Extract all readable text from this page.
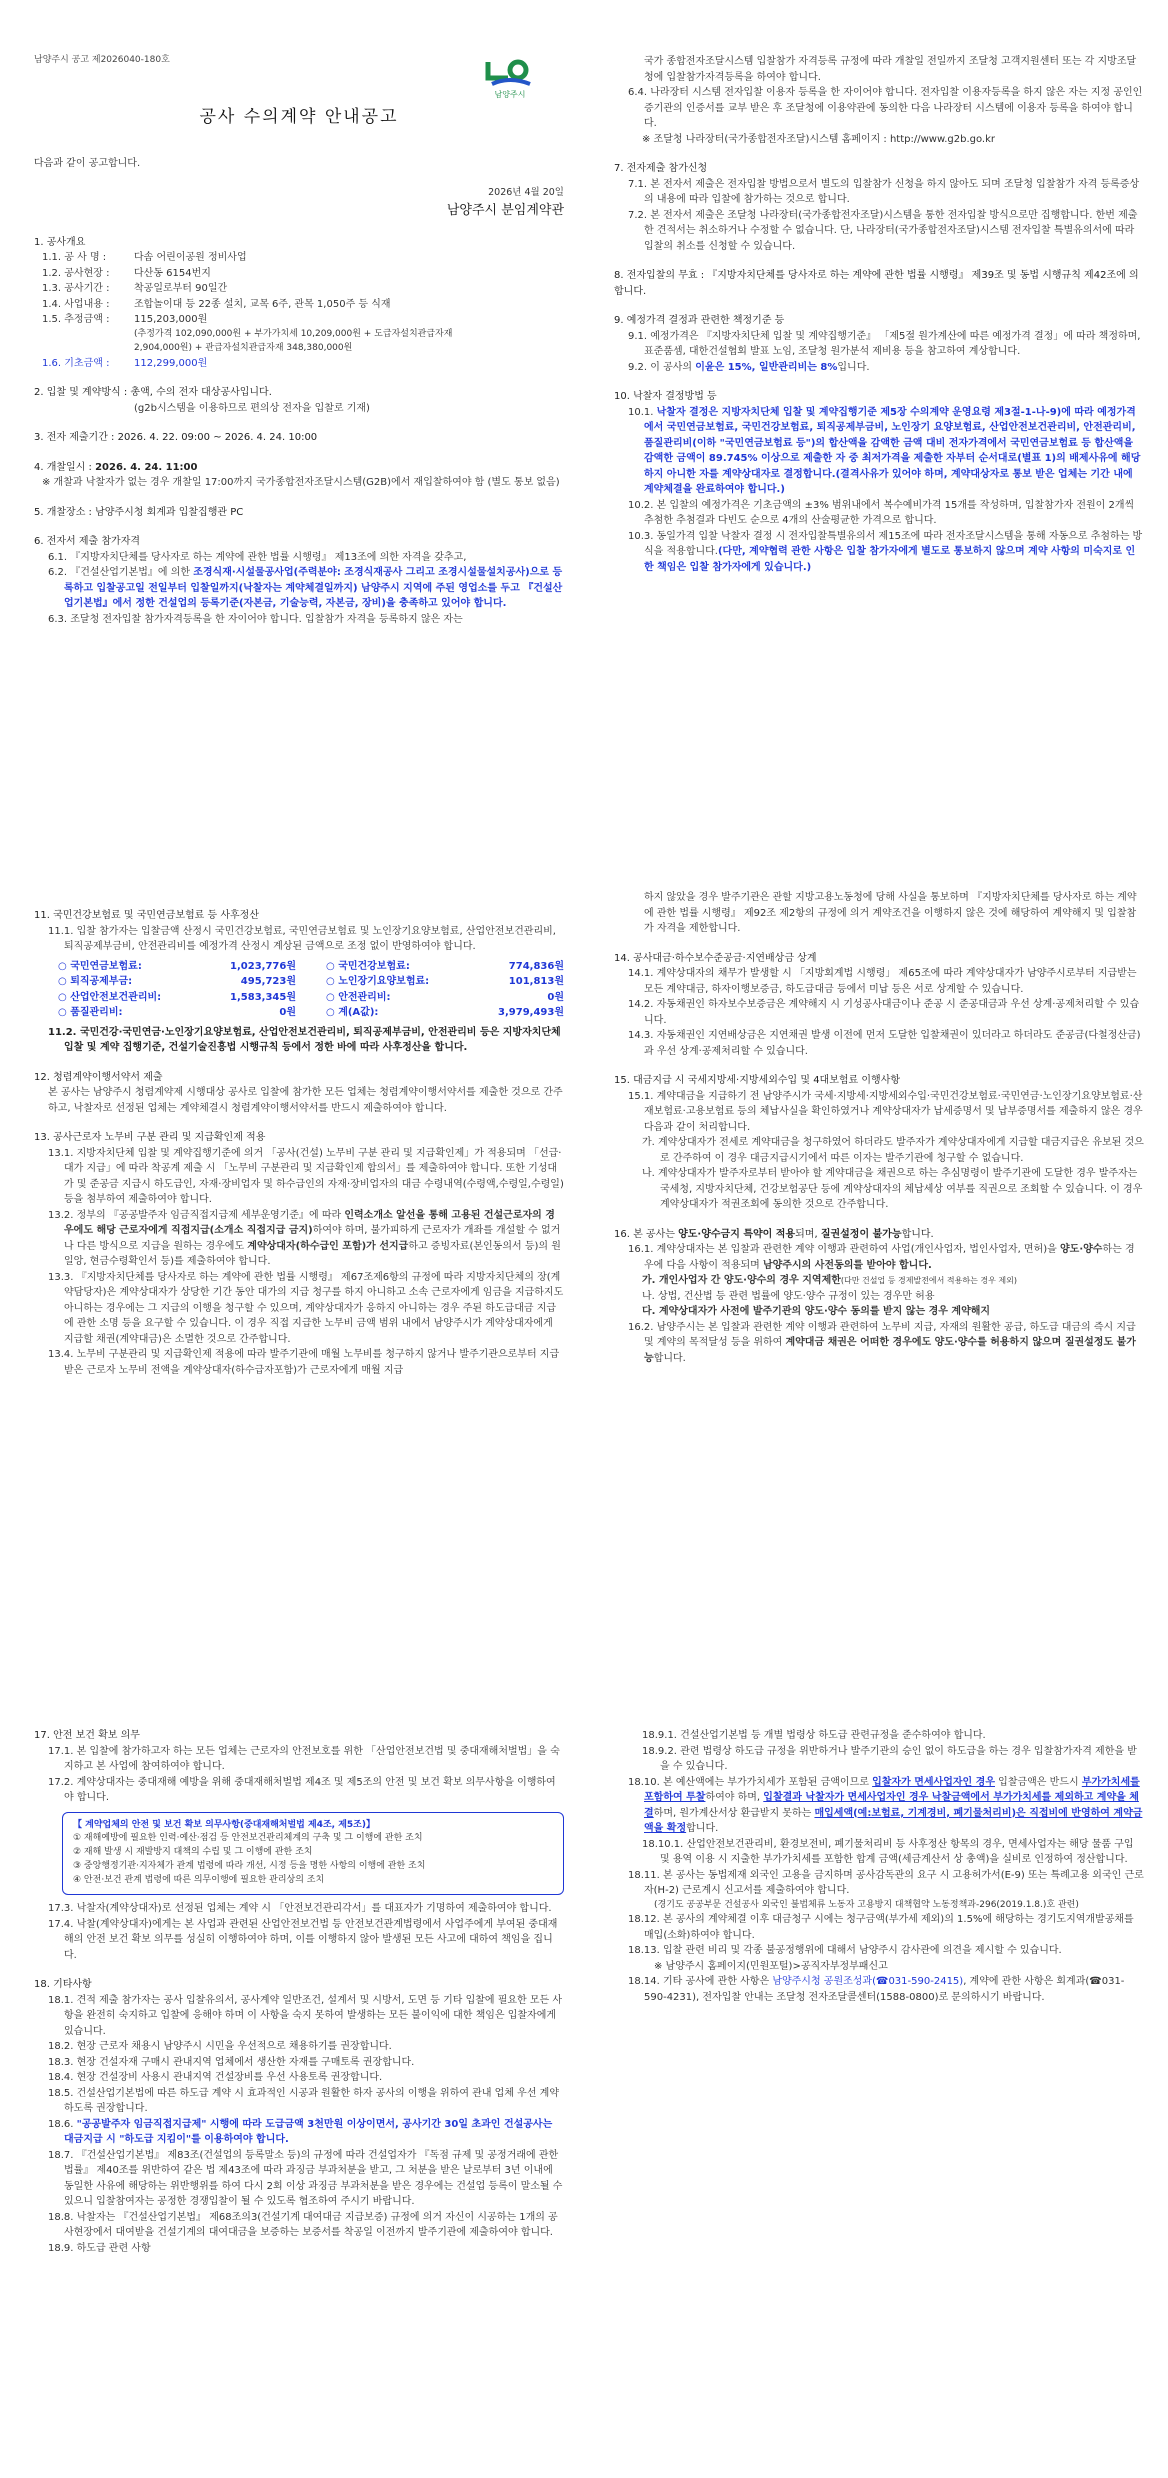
남양주시 공고 제2026040-180호

공사 수의계약 안내공고

다음과 같이 공고합니다.

2026년 4월 20일

남양주시 분임계약관

1. 공사개요

1.1. 공 사 명 :	다솜 어린이공원 정비사업
1.2. 공사현장 :	다산동 6154번지
1.3. 공사기간 :	착공일로부터 90일간
1.4. 사업내용 :	조합놀이대 등 22종 설치, 교목 6주, 관목 1,050주 등 식재
1.5. 추정금액 :	115,203,000원

(추정가격 102,090,000원 + 부가가치세 10,209,000원 + 도급자설치관급자재

2,904,000원) + 관급자설치관급자재 348,380,000원

1.6. 기초금액 :	112,299,000원

2. 입찰 및 계약방식 : 총액, 수의 전자 대상공사입니다.

(g2b시스템을 이용하므로 편의상 전자을 입찰로 기재)

3. 전자 제출기간 : 2026. 4. 22. 09:00 ~ 2026. 4. 24. 10:00

4. 개찰일시 : 2026. 4. 24. 11:00

※ 개찰과 낙찰자가 없는 경우 개찰일 17:00까지 국가종합전자조달시스템(G2B)에서 재입찰하여야 함 (별도 통보 없음)

5. 개찰장소 : 남양주시청 회계과 입찰집행관 PC

6. 전자서 제출 참가자격

6.1. 『지방자치단체를 당사자로 하는 계약에 관한 법률 시행령』 제13조에 의한 자격을 갖추고,

6.2. 『건설산업기본법』에 의한 조경식재·시설물공사업(주력분야: 조경식재공사 그리고 조경시설물설치공사)으로 등록하고 입찰공고일 전일부터 입찰일까지(낙찰자는 계약체결일까지) 남양주시 지역에 주된 영업소를 두고 『건설산업기본법』에서 정한 건설업의 등록기준(자본금, 기술능력, 자본금, 장비)을 충족하고 있어야 합니다.

6.3. 조달청 전자입찰 참가자격등록을 한 자이어야 합니다. 입찰참가 자격을 등록하지 않은 자는

국가 종합전자조달시스템 입찰참가 자격등록 규정에 따라 개찰일 전일까지 조달청 고객지원센터 또는 각 지방조달청에 입찰참가자격등록을 하여야 합니다.

6.4. 나라장터 시스템 전자입찰 이용자 등록을 한 자이어야 합니다. 전자입찰 이용자등록을 하지 않은 자는 지정 공인인증기관의 인증서를 교부 받은 후 조달청에 이용약관에 동의한 다음 나라장터 시스템에 이용자 등록을 하여야 합니다.

※ 조달청 나라장터(국가종합전자조달)시스템 홈페이지 : http://www.g2b.go.kr

7. 전자제출 참가신청

7.1. 본 전자서 제출은 전자입찰 방법으로서 별도의 입찰참가 신청을 하지 않아도 되며 조달청 입찰참가 자격 등록증상의 내용에 따라 입찰에 참가하는 것으로 합니다.

7.2. 본 전자서 제출은 조달청 나라장터(국가종합전자조달)시스템을 통한 전자입찰 방식으로만 집행합니다. 한번 제출한 견적서는 취소하거나 수정할 수 없습니다. 단, 나라장터(국가종합전자조달)시스템 전자입찰 특별유의서에 따라 입찰의 취소를 신청할 수 있습니다.

8. 전자입찰의 무효 : 『지방자치단체를 당사자로 하는 계약에 관한 법률 시행령』 제39조 및 동법 시행규칙 제42조에 의합니다.

9. 예정가격 결정과 관련한 책정기준 등

9.1. 예정가격은 『지방자치단체 입찰 및 계약집행기준』 「제5절 원가계산에 따른 예정가격 결정」에 따라 책정하며, 표준품셈, 대한건설협회 발표 노임, 조달청 원가분석 제비용 등을 참고하여 계상합니다.

9.2. 이 공사의 이윤은 15%, 일반관리비는 8%입니다.

10. 낙찰자 결정방법 등

10.1. 낙찰자 결정은 지방자치단체 입찰 및 계약집행기준 제5장 수의계약 운영요령 제3절-1-나-9)에 따라 예정가격에서 국민연금보험료, 국민건강보험료, 퇴직공제부금비, 노인장기 요양보험료, 산업안전보건관리비, 안전관리비, 품질관리비(이하 "국민연금보험료 등")의 합산액을 감액한 금액 대비 전자가격에서 국민연금보험료 등 합산액을 감액한 금액이 89.745% 이상으로 제출한 자 중 최저가격을 제출한 자부터 순서대로(별표 1)의 배제사유에 해당하지 아니한 자를 계약상대자로 결정합니다.(결격사유가 있어야 하며, 계약대상자로 통보 받은 업체는 기간 내에 계약체결을 완료하여야 합니다.)

10.2. 본 입찰의 예정가격은 기초금액의 ±3% 범위내에서 복수예비가격 15개를 작성하며, 입찰참가자 전원이 2개씩 추첨한 추첨결과 다빈도 순으로 4개의 산술평균한 가격으로 합니다.

10.3. 동일가격 입찰 낙찰자 결정 시 전자입찰특별유의서 제15조에 따라 전자조달시스템을 통해 자동으로 추첨하는 방식을 적용합니다.(다만, 계약협력 관한 사항은 입찰 참가자에게 별도로 통보하지 않으며 계약 사항의 미숙지로 인한 책임은 입찰 참가자에게 있습니다.)

남양주시

11. 국민건강보험료 및 국민연금보험료 등 사후정산

11.1. 입찰 참가자는 입찰금액 산정시 국민건강보험료, 국민연금보험료 및 노인장기요양보험료, 산업안전보건관리비, 퇴직공제부금비, 안전관리비를 예정가격 산정시 계상된 금액으로 조정 없이 반영하여야 합니다.

○ 국민연금보험료:	1,023,776원	○ 국민건강보험료:	774,836원
○ 퇴직공제부금:	495,723원	○ 노인장기요양보험료:	101,813원
○ 산업안전보건관리비:	1,583,345원	○ 안전관리비:	0원
○ 품질관리비:	0원	○ 계(A값):	3,979,493원

11.2. 국민건강·국민연금·노인장기요양보험료, 산업안전보건관리비, 퇴직공제부금비, 안전관리비 등은 지방자치단체 입찰 및 계약 집행기준, 건설기술진흥법 시행규칙 등에서 정한 바에 따라 사후정산을 합니다.

12. 청렴계약이행서약서 제출

본 공사는 남양주시 청렴계약제 시행대상 공사로 입찰에 참가한 모든 업체는 청렴계약이행서약서를 제출한 것으로 간주하고, 낙찰자로 선정된 업체는 계약체결시 청렴계약이행서약서를 반드시 제출하여야 합니다.

13. 공사근로자 노무비 구분 관리 및 지급확인제 적용

13.1. 지방자치단체 입찰 및 계약집행기준에 의거 「공사(건설) 노무비 구분 관리 및 지급확인제」가 적용되며 「선급·대가 지급」에 따라 착공계 제출 시 「노무비 구분관리 및 지급확인제 합의서」를 제출하여야 합니다. 또한 기성대가 및 준공금 지급시 하도급인, 자재·장비업자 및 하수급인의 자재·장비업자의 대금 수령내역(수령액,수령일,수령일) 등을 첨부하여 제출하여야 합니다.

13.2. 정부의 『공공발주자 임금직접지급제 세부운영기준』에 따라 인력소개소 알선을 통해 고용된 건설근로자의 경우에도 해당 근로자에게 직접지급(소개소 직접지급 금지)하여야 하며, 불가피하게 근로자가 개좌를 개설할 수 없거나 다른 방식으로 지급을 원하는 경우에도 계약상대자(하수급인 포함)가 선지급하고 증빙자료(본인동의서 등)의 원일앙, 현금수령확인서 등)를 제출하여야 합니다.

13.3. 『지방자치단체를 당사자로 하는 계약에 관한 법률 시행령』 제67조제6항의 규정에 따라 지방자치단체의 장(계약담당자)은 계약상대자가 상당한 기간 동안 대가의 지급 청구를 하지 아니하고 소속 근로자에게 임금을 지급하지도 아니하는 경우에는 그 지급의 이행을 청구할 수 있으며, 계약상대자가 응하지 아니하는 경우 주된 하도급대금 지급에 관한 소명 등을 요구할 수 있습니다. 이 경우 직접 지급한 노무비 금액 범위 내에서 남양주시가 계약상대자에게 지급할 채권(계약대금)은 소멸한 것으로 간주합니다.

13.4. 노무비 구분관리 및 지급확인제 적용에 따라 발주기관에 매월 노무비를 청구하지 않거나 발주기관으로부터 지급받은 근로자 노무비 전액을 계약상대자(하수급자포함)가 근로자에게 매월 지급

하지 않았을 경우 발주기관은 관할 지방고용노동청에 당해 사실을 통보하며 『지방자치단체를 당사자로 하는 계약에 관한 법률 시행령』 제92조 제2항의 규정에 의거 계약조건을 이행하지 않은 것에 해당하여 계약해지 및 입찰참가 자격을 제한합니다.

14. 공사대금·하수보수준공금·지연배상금 상계

14.1. 계약상대자의 채무가 발생할 시 「지방회계법 시행령」 제65조에 따라 계약상대자가 남양주시로부터 지급받는 모든 계약대금, 하자이행보증금, 하도급대금 등에서 미납 등은 서로 상계할 수 있습니다.

14.2. 자동채권인 하자보수보증금은 계약해지 시 기성공사대금이나 준공 시 준공대금과 우선 상계·공제처리할 수 있습니다.

14.3. 자동채권인 지연배상금은 지연채권 발생 이전에 먼저 도달한 입찰채권이 있더라고 하더라도 준공금(다철정산금)과 우선 상계·공제처리할 수 있습니다.

15. 대금지급 시 국세지방세·지방세외수입 및 4대보험료 이행사항

15.1. 계약대금을 지급하기 전 남양주시가 국세·지방세·지방세외수입·국민건강보험료·국민연금·노인장기요양보험료·산재보험료·고용보험료 등의 체납사실을 확인하였거나 계약상대자가 납세증명서 및 납부증명서를 제출하지 않은 경우 다음과 같이 처리합니다.

가. 계약상대자가 전세로 계약대금을 청구하였어 하더라도 발주자가 계약상대자에게 지급할 대금지급은 유보된 것으로 간주하여 이 경우 대금지급시기에서 따른 이자는 발주기관에 청구할 수 없습니다.

나. 계약상대자가 발주자로부터 받아야 할 계약대금을 채권으로 하는 추심명령이 발주기관에 도달한 경우 발주자는 국세청, 지방자치단체, 건강보험공단 등에 계약상대자의 체납세상 여부를 직권으로 조회할 수 있습니다. 이 경우 계약상대자가 적권조회에 동의한 것으로 간주합니다.

16. 본 공사는 양도·양수금지 특약이 적용되며, 질권설정이 불가능합니다.

16.1. 계약상대자는 본 입찰과 관련한 계약 이행과 관련하여 사업(개인사업자, 법인사업자, 면허)을 양도·양수하는 경우에 다음 사항이 적용되며 남양주시의 사전동의를 받아야 합니다.

가. 개인사업자 간 양도·양수의 경우 지역제한(다만 건설업 등 경제발전에서 적용하는 경우 제외)

나. 상법, 건산법 등 관련 법률에 양도·양수 규정이 있는 경우만 허용

다. 계약상대자가 사전에 발주기관의 양도·양수 동의를 받지 않는 경우 계약해지

16.2. 남양주시는 본 입찰과 관련한 계약 이행과 관련하여 노무비 지급, 자재의 원활한 공급, 하도급 대금의 즉시 지급 및 계약의 목적달성 등을 위하여 계약대금 채권은 어떠한 경우에도 양도·양수를 허용하지 않으며 질권설정도 불가능합니다.

17. 안전 보건 확보 의무

17.1. 본 입찰에 참가하고자 하는 모든 업체는 근로자의 안전보호를 위한 「산업안전보건법 및 중대재해처벌법」을 숙지하고 본 사업에 참여하여야 합니다.

17.2. 계약상대자는 중대재해 예방을 위해 중대재해처벌법 제4조 및 제5조의 안전 및 보건 확보 의무사항을 이행하여야 합니다.

【 계약업체의 안전 및 보건 확보 의무사항(중대재해처벌법 제4조, 제5조)】

① 재해예방에 필요한 인력·예산·점검 등 안전보건관리체계의 구축 및 그 이행에 관한 조치

② 재해 발생 시 재발방지 대책의 수립 및 그 이행에 관한 조치

③ 중앙행정기관·지자체가 관계 법령에 따라 개선, 시정 등을 명한 사항의 이행에 관한 조치

④ 안전·보건 관계 법령에 따른 의무이행에 필요한 관리상의 조치

17.3. 낙찰자(계약상대자)로 선정된 업체는 계약 시 「안전보건관리각서」를 대표자가 기명하여 제출하여야 합니다.

17.4. 낙찰(계약상대자)에게는 본 사업과 관련된 산업안전보건법 등 안전보건관계법령에서 사업주에게 부여된 중대재해의 안전 보건 확보 의무를 성실히 이행하여야 하며, 이를 이행하지 않아 발생된 모든 사고에 대하여 책임을 집니다.

18. 기타사항

18.1. 견적 제출 참가자는 공사 입찰유의서, 공사계약 일반조건, 설계서 및 시방서, 도면 등 기타 입찰에 필요한 모든 사항을 완전히 숙지하고 입찰에 응해야 하며 이 사항을 숙지 못하여 발생하는 모든 불이익에 대한 책임은 입찰자에게 있습니다.

18.2. 현장 근로자 채용시 남양주시 시민을 우선적으로 채용하기를 권장합니다.

18.3. 현장 건설자재 구매시 관내지역 업체에서 생산한 자재를 구매토록 권장합니다.

18.4. 현장 건설장비 사용시 관내지역 건설장비를 우선 사용토록 권장합니다.

18.5. 건설산업기본법에 따른 하도급 계약 시 효과적인 시공과 원활한 하자 공사의 이행을 위하여 관내 업체 우선 계약하도록 권장합니다.

18.6. "공공발주자 임금직접지급제" 시행에 따라 도급금액 3천만원 이상이면서, 공사기간 30일 초과인 건설공사는 대금지급 시 "하도급 지킴이"를 이용하여야 합니다.

18.7. 『건설산업기본법』 제83조(건설업의 등록말소 등)의 규정에 따라 건설업자가 『독점 규제 및 공정거래에 관한 법률』 제40조를 위반하여 같은 법 제43조에 따라 과징금 부과처분을 받고, 그 처분을 받은 날로부터 3년 이내에 동일한 사유에 해당하는 위반행위를 하여 다시 2회 이상 과징금 부과처분을 받은 경우에는 건설업 등록이 말소될 수 있으니 입찰참여자는 공정한 경쟁입찰이 될 수 있도록 협조하여 주시기 바랍니다.

18.8. 낙찰자는 『건설산업기본법』 제68조의3(건설기계 대여대금 지급보증) 규정에 의거 자신이 시공하는 1개의 공사현장에서 대여받을 건설기계의 대여대금을 보증하는 보증서를 착공일 이전까지 발주기관에 제출하여야 합니다.

18.9. 하도급 관련 사항

18.9.1. 건설산업기본법 등 개별 법령상 하도급 관련규정을 준수하여야 합니다.

18.9.2. 관련 법령상 하도급 규정을 위반하거나 발주기관의 승인 없이 하도급을 하는 경우 입찰참가자격 제한을 받을 수 있습니다.

18.10. 본 예산액에는 부가가치세가 포함된 금액이므로 입찰자가 면세사업자인 경우 입찰금액은 반드시 부가가치세를 포함하여 투찰하여야 하며, 입찰결과 낙찰자가 면세사업자인 경우 낙찰금액에서 부가가치세를 제외하고 계약을 체결하며, 원가계산서상 환급받지 못하는 매입세액(예:보험료, 기계경비, 폐기물처리비)은 직접비에 반영하여 계약금액을 확정합니다.

18.10.1. 산업안전보건관리비, 환경보전비, 폐기물처리비 등 사후정산 항목의 경우, 면세사업자는 해당 물품 구입 및 용역 이용 시 지출한 부가가치세를 포함한 합계 금액(세금계산서 상 총액)을 실비로 인정하여 정산합니다.

18.11. 본 공사는 동법제재 외국인 고용을 금지하며 공사감독관의 요구 시 고용허가서(E-9) 또는 특례고용 외국인 근로자(H-2) 근로계시 신고서를 제출하여야 합니다.

(경기도 공공부문 건설공사 외국인 불법체류 노동자 고용방지 대책협약 노동정책과-296(2019.1.8.)호 관련)

18.12. 본 공사의 계약체결 이후 대금청구 시에는 청구금액(부가세 제외)의 1.5%에 해당하는 경기도지역개발공채를 매입(소화)하여야 합니다.

18.13. 입찰 관련 비리 및 각종 불공정행위에 대해서 남양주시 감사관에 의견을 제시할 수 있습니다.

※ 남양주시 홈페이지(민원포털)>공직자부정부패신고

18.14. 기타 공사에 관한 사항은 남양주시청 공원조성과(☎031-590-2415), 계약에 관한 사항은 회계과(☎031-590-4231), 전자입찰 안내는 조달청 전자조달콜센터(1588-0800)로 문의하시기 바랍니다.
